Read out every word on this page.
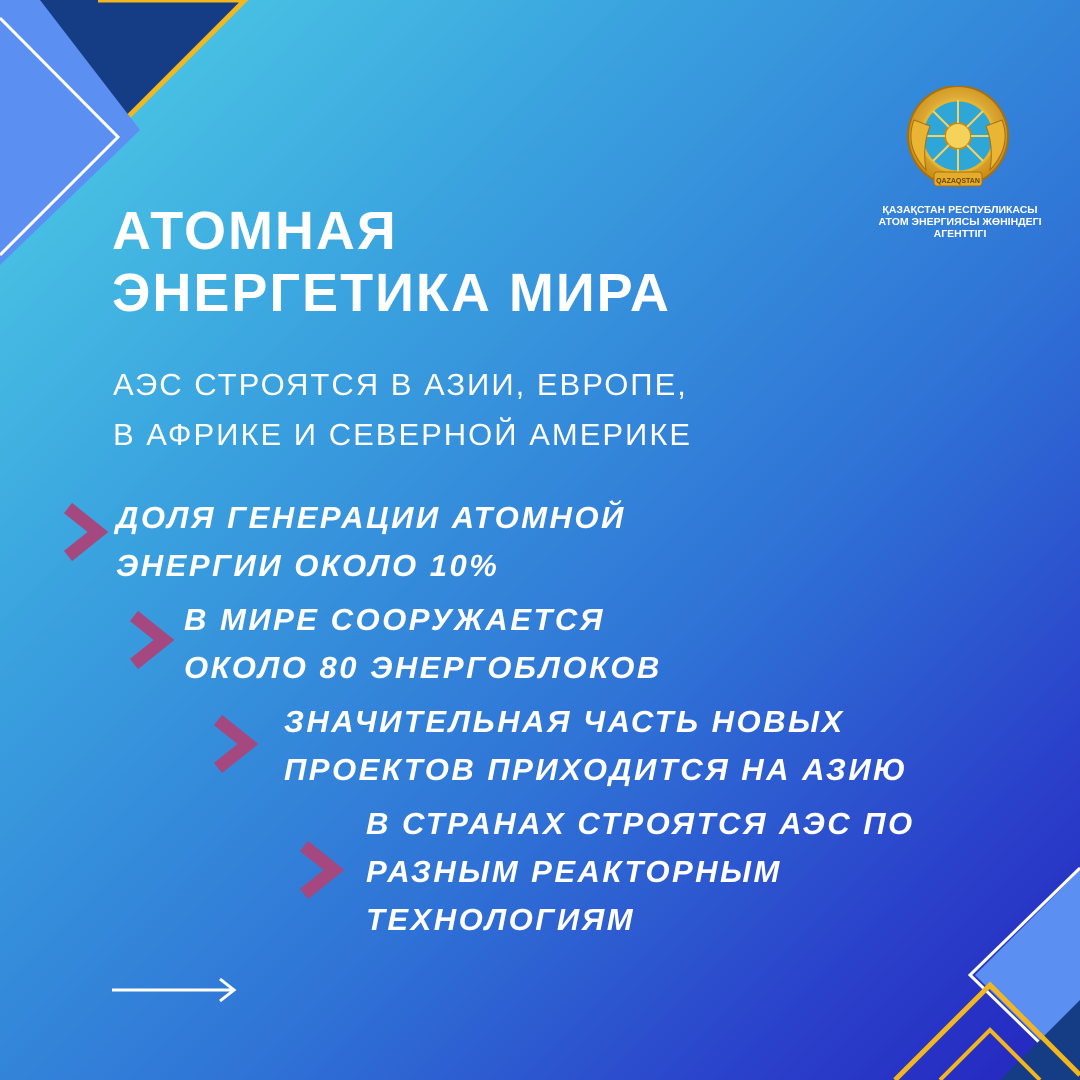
QAZAQSTAN
ҚАЗАҚСТАН РЕСПУБЛИКАСЫ
АТОМ ЭНЕРГИЯСЫ ЖӨНІНДЕГІ
АГЕНТТІГІ
АТОМНАЯ
ЭНЕРГЕТИКА МИРА
АЭС СТРОЯТСЯ В АЗИИ, ЕВРОПЕ,
В АФРИКЕ И СЕВЕРНОЙ АМЕРИКЕ
ДОЛЯ ГЕНЕРАЦИИ АТОМНОЙ
ЭНЕРГИИ ОКОЛО 10%
В МИРЕ СООРУЖАЕТСЯ
ОКОЛО 80 ЭНЕРГОБЛОКОВ
ЗНАЧИТЕЛЬНАЯ ЧАСТЬ НОВЫХ
ПРОЕКТОВ ПРИХОДИТСЯ НА АЗИЮ
В СТРАНАХ СТРОЯТСЯ АЭС ПО
РАЗНЫМ РЕАКТОРНЫМ
ТЕХНОЛОГИЯМ
